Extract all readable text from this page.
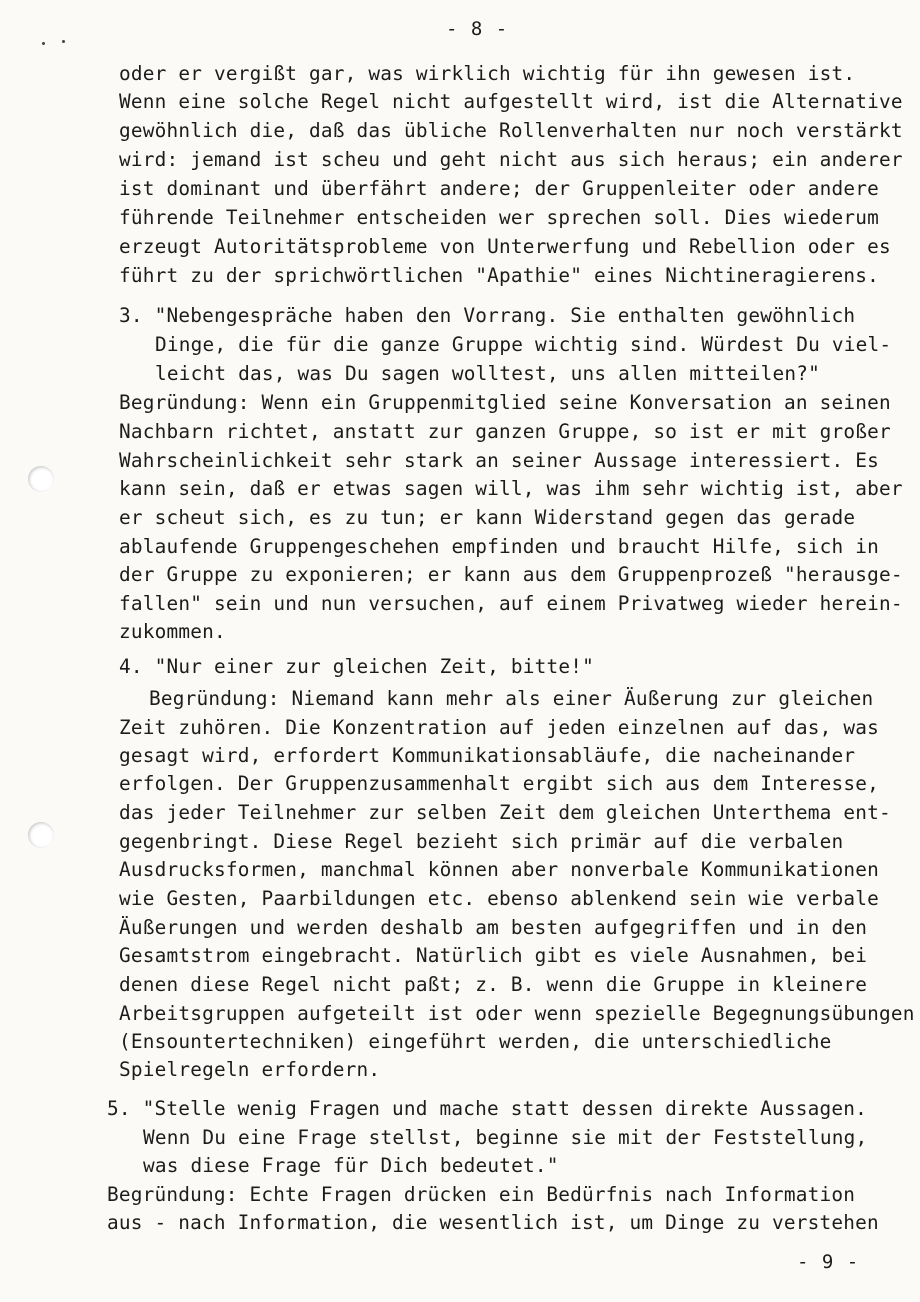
- 8 -
oder er vergißt gar, was wirklich wichtig für ihn gewesen ist.
Wenn eine solche Regel nicht aufgestellt wird, ist die Alternative
gewöhnlich die, daß das übliche Rollenverhalten nur noch verstärkt
wird: jemand ist scheu und geht nicht aus sich heraus; ein anderer
ist dominant und überfährt andere; der Gruppenleiter oder andere
führende Teilnehmer entscheiden wer sprechen soll. Dies wiederum
erzeugt Autoritätsprobleme von Unterwerfung und Rebellion oder es
führt zu der sprichwörtlichen "Apathie" eines Nichtineragierens.
3. "Nebengespräche haben den Vorrang. Sie enthalten gewöhnlich
Dinge, die für die ganze Gruppe wichtig sind. Würdest Du viel-
leicht das, was Du sagen wolltest, uns allen mitteilen?"
Begründung: Wenn ein Gruppenmitglied seine Konversation an seinen
Nachbarn richtet, anstatt zur ganzen Gruppe, so ist er mit großer
Wahrscheinlichkeit sehr stark an seiner Aussage interessiert. Es
kann sein, daß er etwas sagen will, was ihm sehr wichtig ist, aber
er scheut sich, es zu tun; er kann Widerstand gegen das gerade
ablaufende Gruppengeschehen empfinden und braucht Hilfe, sich in
der Gruppe zu exponieren; er kann aus dem Gruppenprozeß "herausge-
fallen" sein und nun versuchen, auf einem Privatweg wieder herein-
zukommen.
4. "Nur einer zur gleichen Zeit, bitte!"
Begründung: Niemand kann mehr als einer Äußerung zur gleichen
Zeit zuhören. Die Konzentration auf jeden einzelnen auf das, was
gesagt wird, erfordert Kommunikationsabläufe, die nacheinander
erfolgen. Der Gruppenzusammenhalt ergibt sich aus dem Interesse,
das jeder Teilnehmer zur selben Zeit dem gleichen Unterthema ent-
gegenbringt. Diese Regel bezieht sich primär auf die verbalen
Ausdrucksformen, manchmal können aber nonverbale Kommunikationen
wie Gesten, Paarbildungen etc. ebenso ablenkend sein wie verbale
Äußerungen und werden deshalb am besten aufgegriffen und in den
Gesamtstrom eingebracht. Natürlich gibt es viele Ausnahmen, bei
denen diese Regel nicht paßt; z. B. wenn die Gruppe in kleinere
Arbeitsgruppen aufgeteilt ist oder wenn spezielle Begegnungsübungen
(Ensountertechniken) eingeführt werden, die unterschiedliche
Spielregeln erfordern.
5. "Stelle wenig Fragen und mache statt dessen direkte Aussagen.
Wenn Du eine Frage stellst, beginne sie mit der Feststellung,
was diese Frage für Dich bedeutet."
Begründung: Echte Fragen drücken ein Bedürfnis nach Information
aus - nach Information, die wesentlich ist, um Dinge zu verstehen
- 9 -
